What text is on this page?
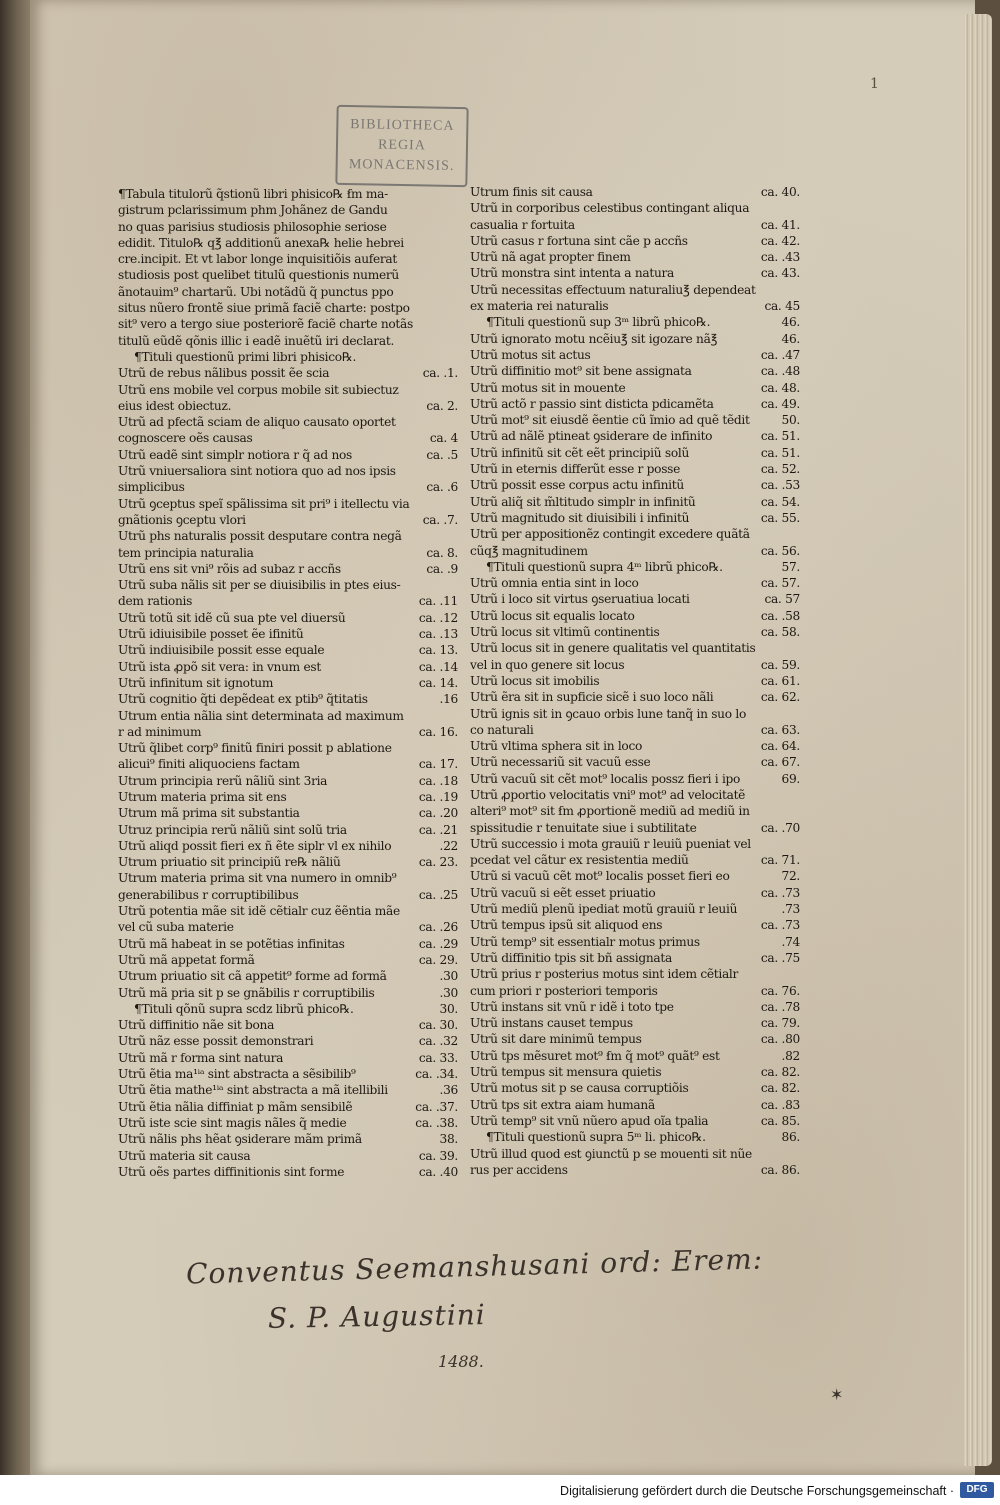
1
BIBLIOTHECA
REGIA
MONACENSIS.
¶Tabula titulorũ q̃stionũ libri phisico℞ ẜm ma-
gistrum pclarissimum phm Johãnez de Gandu
no quas parisius studiosis philosophie seriose
edidit. Titulo℞ q℥ additionũ anexa℞ helie hebrei
cre.incipit. Et vt labor longe inquisitiõis auferat
studiosis post quelibet titulũ questionis numerũ
ãnotauim⁹ chartarũ. Ubi notãdũ q̃ punctus ppo
situs nũero frontẽ siue primã faciẽ charte: postpo
sit⁹ vero a tergo siue posteriorẽ faciẽ charte notãs
titulũ eũdẽ qõnis illic i eadẽ inuẽtũ iri declarat.
¶Tituli questionũ primi libri phisico℞.
ca. .1.
Utrũ de rebus nãlibus possit ẽe scia
Utrũ ens mobile vel corpus mobile sit subiectuz
ca. 2.
eius idest obiectuz.
Utrũ ad pfectã sciam de aliquo causato oportet
ca. 4
cognoscere oẽs causas
ca. .5
Utrũ eadẽ sint simplr notiora r q̃ ad nos
Utrũ vniuersaliora sint notiora quo ad nos ipsis
ca. .6
simplicibus
Utrũ ꝯceptus speĩ spãlissima sit pri⁹ i itellectu via
ca. .7.
gnãtionis ꝯceptu vlori
Utrũ phs naturalis possit desputare contra negã
ca. 8.
tem principia naturalia
ca. .9
Utrũ ens sit vni⁹ rõis ad subaz r accñs
Utrũ suba nãlis sit per se diuisibilis in ptes eius-
ca. .11
dem rationis
ca. .12
Utrũ totũ sit idẽ cũ sua pte vel diuersũ
ca. .13
Utrũ idiuisibile posset ẽe ifinitũ
ca. 13.
Utrũ indiuisibile possit esse equale
ca. .14
Utrũ ista ꝓpõ sit vera: in vnum est
ca. 14.
Utrũ infinitum sit ignotum
.16
Utrũ cognitio q̃ti depẽdeat ex ptib⁹ q̃titatis
Utrum entia nãlia sint determinata ad maximum
ca. 16.
r ad minimum
Utrũ q̃libet corp⁹ finitũ finiri possit p ablatione
ca. 17.
alicui⁹ finiti aliquociens factam
ca. .18
Utrum principia rerũ nãliũ sint 3ria
ca. .19
Utrum materia prima sit ens
ca. .20
Utrum mã prima sit substantia
ca. .21
Utruz principia rerũ nãliũ sint solũ tria
.22
Utrũ aliqd possit fieri ex ñ ẽte siplr vl ex nihilo
ca. 23.
Utrum priuatio sit principiũ re℞ nãliũ
Utrum materia prima sit vna numero in omnib⁹
ca. .25
generabilibus r corruptibilibus
Utrũ potentia mãe sit idẽ cẽtialr cuz ẽẽntia mãe
ca. .26
vel cũ suba materie
ca. .29
Utrũ mã habeat in se potẽtias infinitas
ca. 29.
Utrũ mã appetat formã
.30
Utrum priuatio sit cã appetit⁹ forme ad formã
.30
Utrũ mã pria sit p se gnãbilis r corruptibilis
30.
¶Tituli qõnũ supra scdz librũ phico℞.
ca. 30.
Utrũ diffinitio nãe sit bona
ca. .32
Utrũ nãz esse possit demonstrari
ca. 33.
Utrũ mã r forma sint natura
ca. .34.
Utrũ ẽtia ma¹ⁱᵃ sint abstracta a sẽsibilib⁹
.36
Utrũ ẽtia mathe¹ⁱᵃ sint abstracta a mã itellibili
ca. .37.
Utrũ ẽtia nãlia diffiniat p mãm sensibilẽ
ca. .38.
Utrũ iste scie sint magis nãles q̃ medie
38.
Utrũ nãlis phs hẽat ꝯsiderare mãm primã
ca. 39.
Utrũ materia sit causa
ca. .40
Utrũ oẽs partes diffinitionis sint forme
ca. 40.
Utrum finis sit causa
Utrũ in corporibus celestibus contingant aliqua
ca. 41.
casualia r fortuita
ca. 42.
Utrũ casus r fortuna sint cãe p accñs
ca. .43
Utrũ nã agat propter finem
ca. 43.
Utrũ monstra sint intenta a natura
Utrũ necessitas effectuum naturaliu℥ dependeat
ca. 45
ex materia rei naturalis
46.
¶Tituli questionũ sup 3ᵐ librũ phico℞.
46.
Utrũ ignorato motu ncẽiu℥ sit igozare nã℥
ca. .47
Utrũ motus sit actus
ca. .48
Utrũ diffinitio mot⁹ sit bene assignata
ca. 48.
Utrũ motus sit in mouente
ca. 49.
Utrũ actõ r passio sint disticta pdicamẽta
50.
Utrũ mot⁹ sit eiusdẽ ẽentie cũ ĩmio ad quẽ tẽdit
ca. 51.
Utrũ ad nãlẽ ptineat ꝯsiderare de infinito
ca. 51.
Utrũ infinitũ sit cẽt eẽt principiũ solũ
ca. 52.
Utrũ in eternis differũt esse r posse
ca. .53
Utrũ possit esse corpus actu infinitũ
ca. 54.
Utrũ aliq̃ sit m̃ltitudo simplr in infinitũ
ca. 55.
Utrũ magnitudo sit diuisibili i infinitũ
Utrũ per appositionẽz contingit excedere quãtã
ca. 56.
cũq℥ magnitudinem
57.
¶Tituli questionũ supra 4ᵐ librũ phico℞.
ca. 57.
Utrũ omnia entia sint in loco
ca. 57
Utrũ i loco sit virtus ꝯseruatiua locati
ca. .58
Utrũ locus sit equalis locato
ca. 58.
Utrũ locus sit vltimũ continentis
Utrũ locus sit in genere qualitatis vel quantitatis
ca. 59.
vel in quo genere sit locus
ca. 61.
Utrũ locus sit imobilis
ca. 62.
Utrũ ẽra sit in supficie sicẽ i suo loco nãli
Utrũ ignis sit in ꝯcauo orbis lune tanq̃ in suo lo
ca. 63.
co naturali
ca. 64.
Utrũ vltima sphera sit in loco
ca. 67.
Utrũ necessariũ sit vacuũ esse
69.
Utrũ vacuũ sit cẽt mot⁹ localis possz fieri i ipo
Utrũ ꝓportio velocitatis vni⁹ mot⁹ ad velocitatẽ
alteri⁹ mot⁹ sit ẜm ꝓportionẽ mediũ ad mediũ in
ca. .70
spissitudie r tenuitate siue i subtilitate
Utrũ successio i mota grauiũ r leuiũ pueniat vel
ca. 71.
pcedat vel cãtur ex resistentia mediũ
72.
Utrũ si vacuũ cẽt mot⁹ localis posset fieri eo
ca. .73
Utrũ vacuũ si eẽt esset priuatio
.73
Utrũ mediũ plenũ ipediat motũ grauiũ r leuiũ
ca. .73
Utrũ tempus ipsũ sit aliquod ens
.74
Utrũ temp⁹ sit essentialr motus primus
ca. .75
Utrũ diffinitio tpis sit bñ assignata
Utrũ prius r posterius motus sint idem cẽtialr
ca. 76.
cum priori r posteriori temporis
ca. .78
Utrũ instans sit vnũ r idẽ i toto tpe
ca. 79.
Utrũ instans causet tempus
ca. .80
Utrũ sit dare minimũ tempus
.82
Utrũ tps mẽsuret mot⁹ ẜm q̃ mot⁹ quãt⁹ est
ca. 82.
Utrũ tempus sit mensura quietis
ca. 82.
Utrũ motus sit p se causa corruptiõis
ca. .83
Utrũ tps sit extra aiam humanã
ca. 85.
Utrũ temp⁹ sit vnũ nũero apud oĩa tpalia
86.
¶Tituli questionũ supra 5ᵐ li. phico℞.
Utrũ illud quod est ꝯiunctũ p se mouenti sit nũe
ca. 86.
rus per accidens
Conventus Seemanshusani ord: Erem:
S. P. Augustini
1488.
✶
Digitalisierung gefördert durch die Deutsche Forschungsgemeinschaft ·	DFG
